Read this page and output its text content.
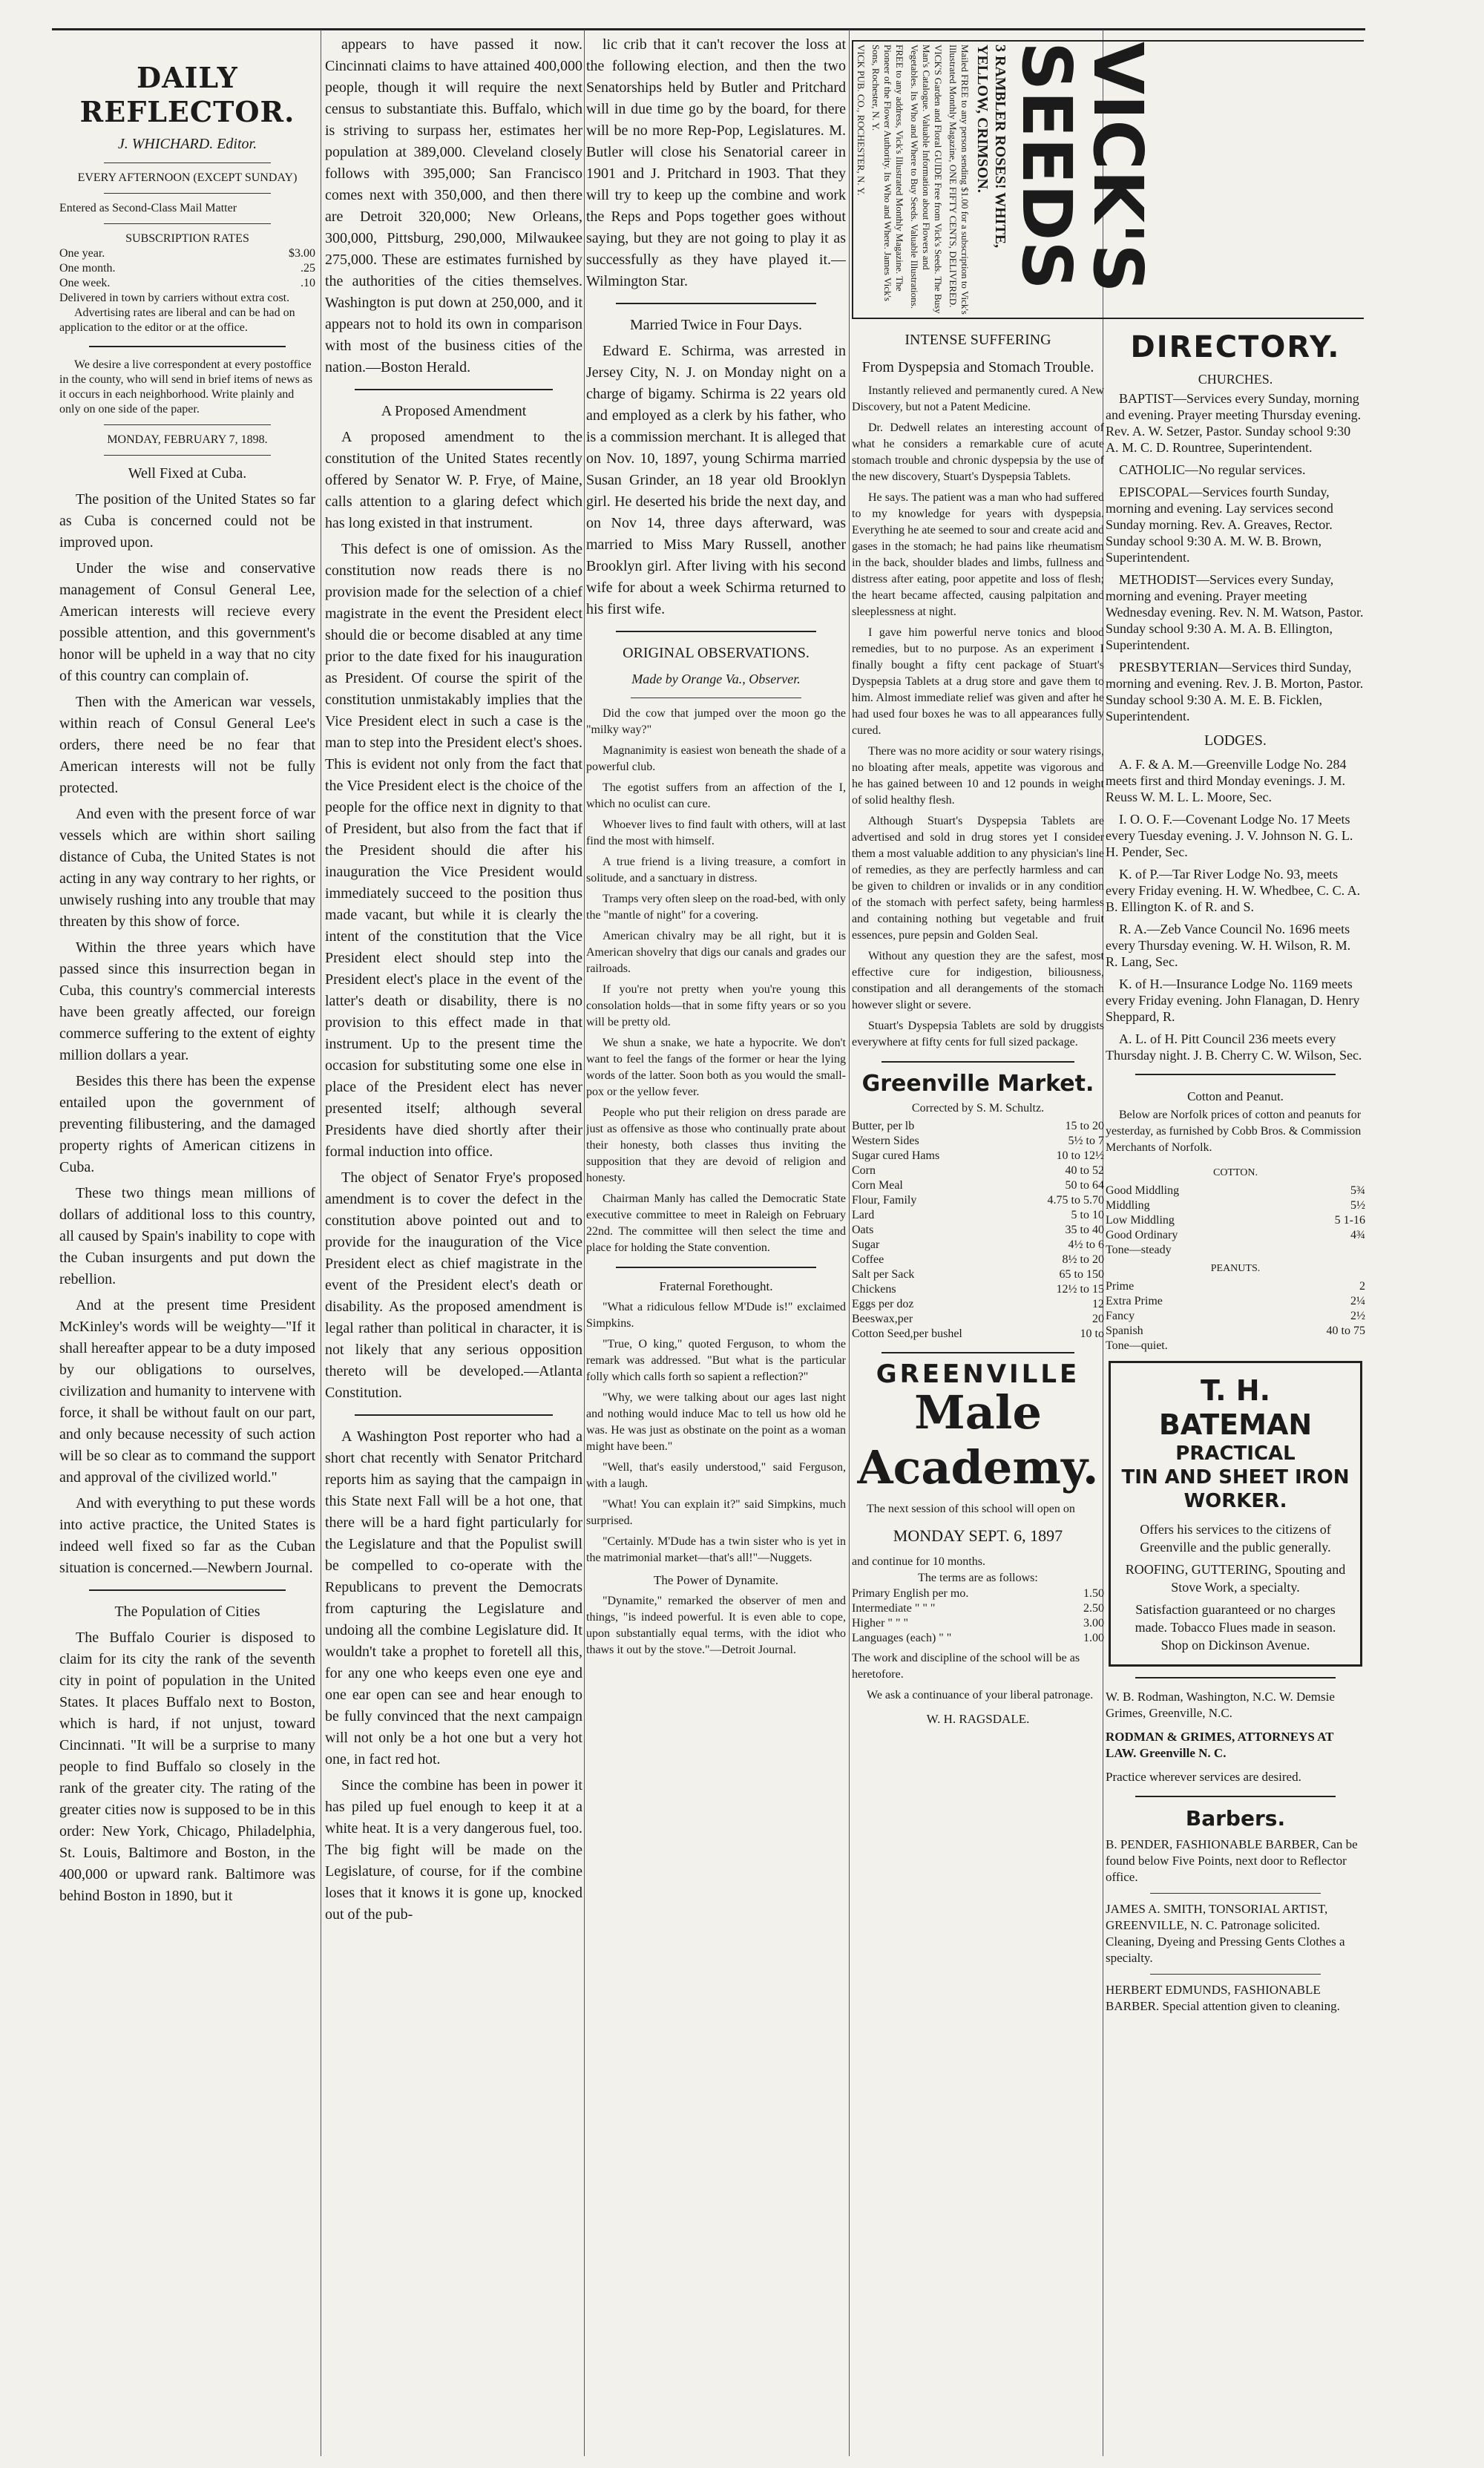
DAILY REFLECTOR.
J. WHICHARD. Editor.
EVERY AFTERNOON (EXCEPT SUNDAY)
Entered as Second-Class Mail Matter
SUBSCRIPTION RATES
One year.	$3.00
One month.	.25
One week.	.10
Delivered in town by carriers without extra cost.
Advertising rates are liberal and can be had on application to the editor or at the office.
We desire a live correspondent at every postoffice in the county, who will send in brief items of news as it occurs in each neighborhood. Write plainly and only on one side of the paper.
MONDAY, FEBRUARY 7, 1898.
Well Fixed at Cuba.

The position of the United States so far as Cuba is concerned could not be improved upon.

Under the wise and conservative management of Consul General Lee, American interests will recieve every possible attention, and this government's honor will be upheld in a way that no city of this country can complain of.

Then with the American war vessels, within reach of Consul General Lee's orders, there need be no fear that American interests will not be fully protected.

And even with the present force of war vessels which are within short sailing distance of Cuba, the United States is not acting in any way contrary to her rights, or unwisely rushing into any trouble that may threaten by this show of force.

Within the three years which have passed since this insurrection began in Cuba, this country's commercial interests have been greatly affected, our foreign commerce suffering to the extent of eighty million dollars a year.

Besides this there has been the expense entailed upon the government of preventing filibustering, and the damaged property rights of American citizens in Cuba.

These two things mean millions of dollars of additional loss to this country, all caused by Spain's inability to cope with the Cuban insurgents and put down the rebellion.

And at the present time President McKinley's words will be weighty—"If it shall hereafter appear to be a duty imposed by our obligations to ourselves, civilization and humanity to intervene with force, it shall be without fault on our part, and only because necessity of such action will be so clear as to command the support and approval of the civilized world."

And with everything to put these words into active practice, the United States is indeed well fixed so far as the Cuban situation is concerned.—Newbern Journal.

The Population of Cities

The Buffalo Courier is disposed to claim for its city the rank of the seventh city in point of population in the United States. It places Buffalo next to Boston, which is hard, if not unjust, toward Cincinnati. "It will be a surprise to many people to find Buffalo so closely in the rank of the greater city. The rating of the greater cities now is supposed to be in this order: New York, Chicago, Philadelphia, St. Louis, Baltimore and Boston, in the 400,000 or upward rank. Baltimore was behind Boston in 1890, but it

appears to have passed it now. Cincinnati claims to have attained 400,000 people, though it will require the next census to substantiate this. Buffalo, which is striving to surpass her, estimates her population at 389,000. Cleveland closely follows with 395,000; San Francisco comes next with 350,000, and then there are Detroit 320,000; New Orleans, 300,000, Pittsburg, 290,000, Milwaukee 275,000. These are estimates furnished by the authorities of the cities themselves. Washington is put down at 250,000, and it appears not to hold its own in comparison with most of the business cities of the nation.—Boston Herald.

A Proposed Amendment

A proposed amendment to the constitution of the United States recently offered by Senator W. P. Frye, of Maine, calls attention to a glaring defect which has long existed in that instrument.

This defect is one of omission. As the constitution now reads there is no provision made for the selection of a chief magistrate in the event the President elect should die or become disabled at any time prior to the date fixed for his inauguration as President. Of course the spirit of the constitution unmistakably implies that the Vice President elect in such a case is the man to step into the President elect's shoes. This is evident not only from the fact that the Vice President elect is the choice of the people for the office next in dignity to that of President, but also from the fact that if the President should die after his inauguration the Vice President would immediately succeed to the position thus made vacant, but while it is clearly the intent of the constitution that the Vice President elect should step into the President elect's place in the event of the latter's death or disability, there is no provision to this effect made in that instrument. Up to the present time the occasion for substituting some one else in place of the President elect has never presented itself; although several Presidents have died shortly after their formal induction into office.

The object of Senator Frye's proposed amendment is to cover the defect in the constitution above pointed out and to provide for the inauguration of the Vice President elect as chief magistrate in the event of the President elect's death or disability. As the proposed amendment is legal rather than political in character, it is not likely that any serious opposition thereto will be developed.—Atlanta Constitution.

A Washington Post reporter who had a short chat recently with Senator Pritchard reports him as saying that the campaign in this State next Fall will be a hot one, that there will be a hard fight particularly for the Legislature and that the Populist swill be compelled to co-operate with the Republicans to prevent the Democrats from capturing the Legislature and undoing all the combine Legislature did. It wouldn't take a prophet to foretell all this, for any one who keeps even one eye and one ear open can see and hear enough to be fully convinced that the next campaign will not only be a hot one but a very hot one, in fact red hot.

Since the combine has been in power it has piled up fuel enough to keep it at a white heat. It is a very dangerous fuel, too. The big fight will be made on the Legislature, of course, for if the combine loses that it knows it is gone up, knocked out of the pub-

lic crib that it can't recover the loss at the following election, and then the two Senatorships held by Butler and Pritchard will in due time go by the board, for there will be no more Rep-Pop, Legislatures. M. Butler will close his Senatorial career in 1901 and J. Pritchard in 1903. That they will try to keep up the combine and work the Reps and Pops together goes without saying, but they are not going to play it as successfully as they have played it.—Wilmington Star.

Married Twice in Four Days.

Edward E. Schirma, was arrested in Jersey City, N. J. on Monday night on a charge of bigamy. Schirma is 22 years old and employed as a clerk by his father, who is a commission merchant. It is alleged that on Nov. 10, 1897, young Schirma married Susan Grinder, an 18 year old Brooklyn girl. He deserted his bride the next day, and on Nov 14, three days afterward, was married to Miss Mary Russell, another Brooklyn girl. After living with his second wife for about a week Schirma returned to his first wife.

ORIGINAL OBSERVATIONS.
Made by Orange Va., Observer.

Did the cow that jumped over the moon go the "milky way?"

Magnanimity is easiest won beneath the shade of a powerful club.

The egotist suffers from an affection of the I, which no oculist can cure.

Whoever lives to find fault with others, will at last find the most with himself.

A true friend is a living treasure, a comfort in solitude, and a sanctuary in distress.

Tramps very often sleep on the road-bed, with only the "mantle of night" for a covering.

American chivalry may be all right, but it is American shovelry that digs our canals and grades our railroads.

If you're not pretty when you're young this consolation holds—that in some fifty years or so you will be pretty old.

We shun a snake, we hate a hypocrite. We don't want to feel the fangs of the former or hear the lying words of the latter. Soon both as you would the small-pox or the yellow fever.

People who put their religion on dress parade are just as offensive as those who continually prate about their honesty, both classes thus inviting the supposition that they are devoid of religion and honesty.

Chairman Manly has called the Democratic State executive committee to meet in Raleigh on February 22nd. The committee will then select the time and place for holding the State convention.

Fraternal Forethought.

"What a ridiculous fellow M'Dude is!" exclaimed Simpkins.

"True, O king," quoted Ferguson, to whom the remark was addressed. "But what is the particular folly which calls forth so sapient a reflection?"

"Why, we were talking about our ages last night and nothing would induce Mac to tell us how old he was. He was just as obstinate on the point as a woman might have been."

"Well, that's easily understood," said Ferguson, with a laugh.

"What! You can explain it?" said Simpkins, much surprised.

"Certainly. M'Dude has a twin sister who is yet in the matrimonial market—that's all!"—Nuggets.

The Power of Dynamite.

"Dynamite," remarked the observer of men and things, "is indeed powerful. It is even able to cope, upon substantially equal terms, with the idiot who thaws it out by the stove."—Detroit Journal.

VICK PUB. CO., ROCHESTER, N. Y.	FREE to any address, Vick's Illustrated Monthly Magazine. The Pioneer of the Flower Authority. Its Who and Where. James Vick's Sons, Rochester, N. Y.	VICK'S Garden and Floral GUIDE Free from Vick's Seeds. The Busy Man's Catalogue. Valuable Information about Flowers and Vegetables. Its Who and Where to Buy Seeds. Valuable Illustrations.	Mailed FREE to any person sending $1.00 for a subscription to Vick's Illustrated Monthly Magazine, ONE FIFTY CENTS, DELIVERED.	3 RAMBLER ROSES! WHITE, YELLOW, CRIMSON.	VICK'S SEEDS
INTENSE SUFFERING
From Dyspepsia and Stomach Trouble.

Instantly relieved and permanently cured. A New Discovery, but not a Patent Medicine.

Dr. Dedwell relates an interesting account of what he considers a remarkable cure of acute stomach trouble and chronic dyspepsia by the use of the new discovery, Stuart's Dyspepsia Tablets.

He says. The patient was a man who had suffered to my knowledge for years with dyspepsia. Everything he ate seemed to sour and create acid and gases in the stomach; he had pains like rheumatism in the back, shoulder blades and limbs, fullness and distress after eating, poor appetite and loss of flesh; the heart became affected, causing palpitation and sleeplessness at night.

I gave him powerful nerve tonics and blood remedies, but to no purpose. As an experiment I finally bought a fifty cent package of Stuart's Dyspepsia Tablets at a drug store and gave them to him. Almost immediate relief was given and after he had used four boxes he was to all appearances fully cured.

There was no more acidity or sour watery risings, no bloating after meals, appetite was vigorous and he has gained between 10 and 12 pounds in weight of solid healthy flesh.

Although Stuart's Dyspepsia Tablets are advertised and sold in drug stores yet I consider them a most valuable addition to any physician's line of remedies, as they are perfectly harmless and can be given to children or invalids or in any condition of the stomach with perfect safety, being harmless and containing nothing but vegetable and fruit essences, pure pepsin and Golden Seal.

Without any question they are the safest, most effective cure for indigestion, biliousness, constipation and all derangements of the stomach however slight or severe.

Stuart's Dyspepsia Tablets are sold by druggists everywhere at fifty cents for full sized package.

Greenville Market.
Corrected by S. M. Schultz.
Butter, per lb	15 to 20
Western Sides	5½ to 7
Sugar cured Hams	10 to 12½
Corn	40 to 52
Corn Meal	50 to 64
Flour, Family	4.75 to 5.70
Lard	5 to 10
Oats	35 to 40
Sugar	4½ to 6
Coffee	8½ to 20
Salt per Sack	65 to 150
Chickens	12½ to 15
Eggs per doz	12
Beeswax,per	20
Cotton Seed,per bushel	10 to
GREENVILLE
Male Academy.
The next session of this school will open on
MONDAY SEPT. 6, 1897
and continue for 10 months.
The terms are as follows:
Primary English per mo.	1.50
Intermediate " " "	2.50
Higher " " "	3.00
Languages (each) " "	1.00
The work and discipline of the school will be as heretofore.
We ask a continuance of your liberal patronage.
W. H. RAGSDALE.
DIRECTORY.
CHURCHES.
BAPTIST—Services every Sunday, morning and evening. Prayer meeting Thursday evening. Rev. A. W. Setzer, Pastor. Sunday school 9:30 A. M. C. D. Rountree, Superintendent.
CATHOLIC—No regular services.
EPISCOPAL—Services fourth Sunday, morning and evening. Lay services second Sunday morning. Rev. A. Greaves, Rector. Sunday school 9:30 A. M. W. B. Brown, Superintendent.
METHODIST—Services every Sunday, morning and evening. Prayer meeting Wednesday evening. Rev. N. M. Watson, Pastor. Sunday school 9:30 A. M. A. B. Ellington, Superintendent.
PRESBYTERIAN—Services third Sunday, morning and evening. Rev. J. B. Morton, Pastor. Sunday school 9:30 A. M. E. B. Ficklen, Superintendent.
LODGES.
A. F. & A. M.—Greenville Lodge No. 284 meets first and third Monday evenings. J. M. Reuss W. M. L. L. Moore, Sec.
I. O. O. F.—Covenant Lodge No. 17 Meets every Tuesday evening. J. V. Johnson N. G. L. H. Pender, Sec.
K. of P.—Tar River Lodge No. 93, meets every Friday evening. H. W. Whedbee, C. C. A. B. Ellington K. of R. and S.
R. A.—Zeb Vance Council No. 1696 meets every Thursday evening. W. H. Wilson, R. M. R. Lang, Sec.
K. of H.—Insurance Lodge No. 1169 meets every Friday evening. John Flanagan, D. Henry Sheppard, R.
A. L. of H. Pitt Council 236 meets every Thursday night. J. B. Cherry C. W. Wilson, Sec.
Cotton and Peanut.
Below are Norfolk prices of cotton and peanuts for yesterday, as furnished by Cobb Bros. & Commission Merchants of Norfolk.
COTTON.
Good Middling	5¾
Middling	5½
Low Middling	5 1-16
Good Ordinary	4¾
Tone—steady
PEANUTS.
Prime	2
Extra Prime	2¼
Fancy	2½
Spanish	40 to 75
Tone—quiet.
T. H. BATEMAN
PRACTICAL
TIN AND SHEET IRON
WORKER.
Offers his services to the citizens of Greenville and the public generally.
ROOFING, GUTTERING, Spouting and Stove Work, a specialty.
Satisfaction guaranteed or no charges made. Tobacco Flues made in season. Shop on Dickinson Avenue.
W. B. Rodman, Washington, N.C. W. Demsie Grimes, Greenville, N.C.
RODMAN & GRIMES, ATTORNEYS AT LAW. Greenville N. C.
Practice wherever services are desired.
Barbers.
B. PENDER, FASHIONABLE BARBER, Can be found below Five Points, next door to Reflector office.
JAMES A. SMITH, TONSORIAL ARTIST, GREENVILLE, N. C. Patronage solicited. Cleaning, Dyeing and Pressing Gents Clothes a specialty.
HERBERT EDMUNDS, FASHIONABLE BARBER. Special attention given to cleaning.
